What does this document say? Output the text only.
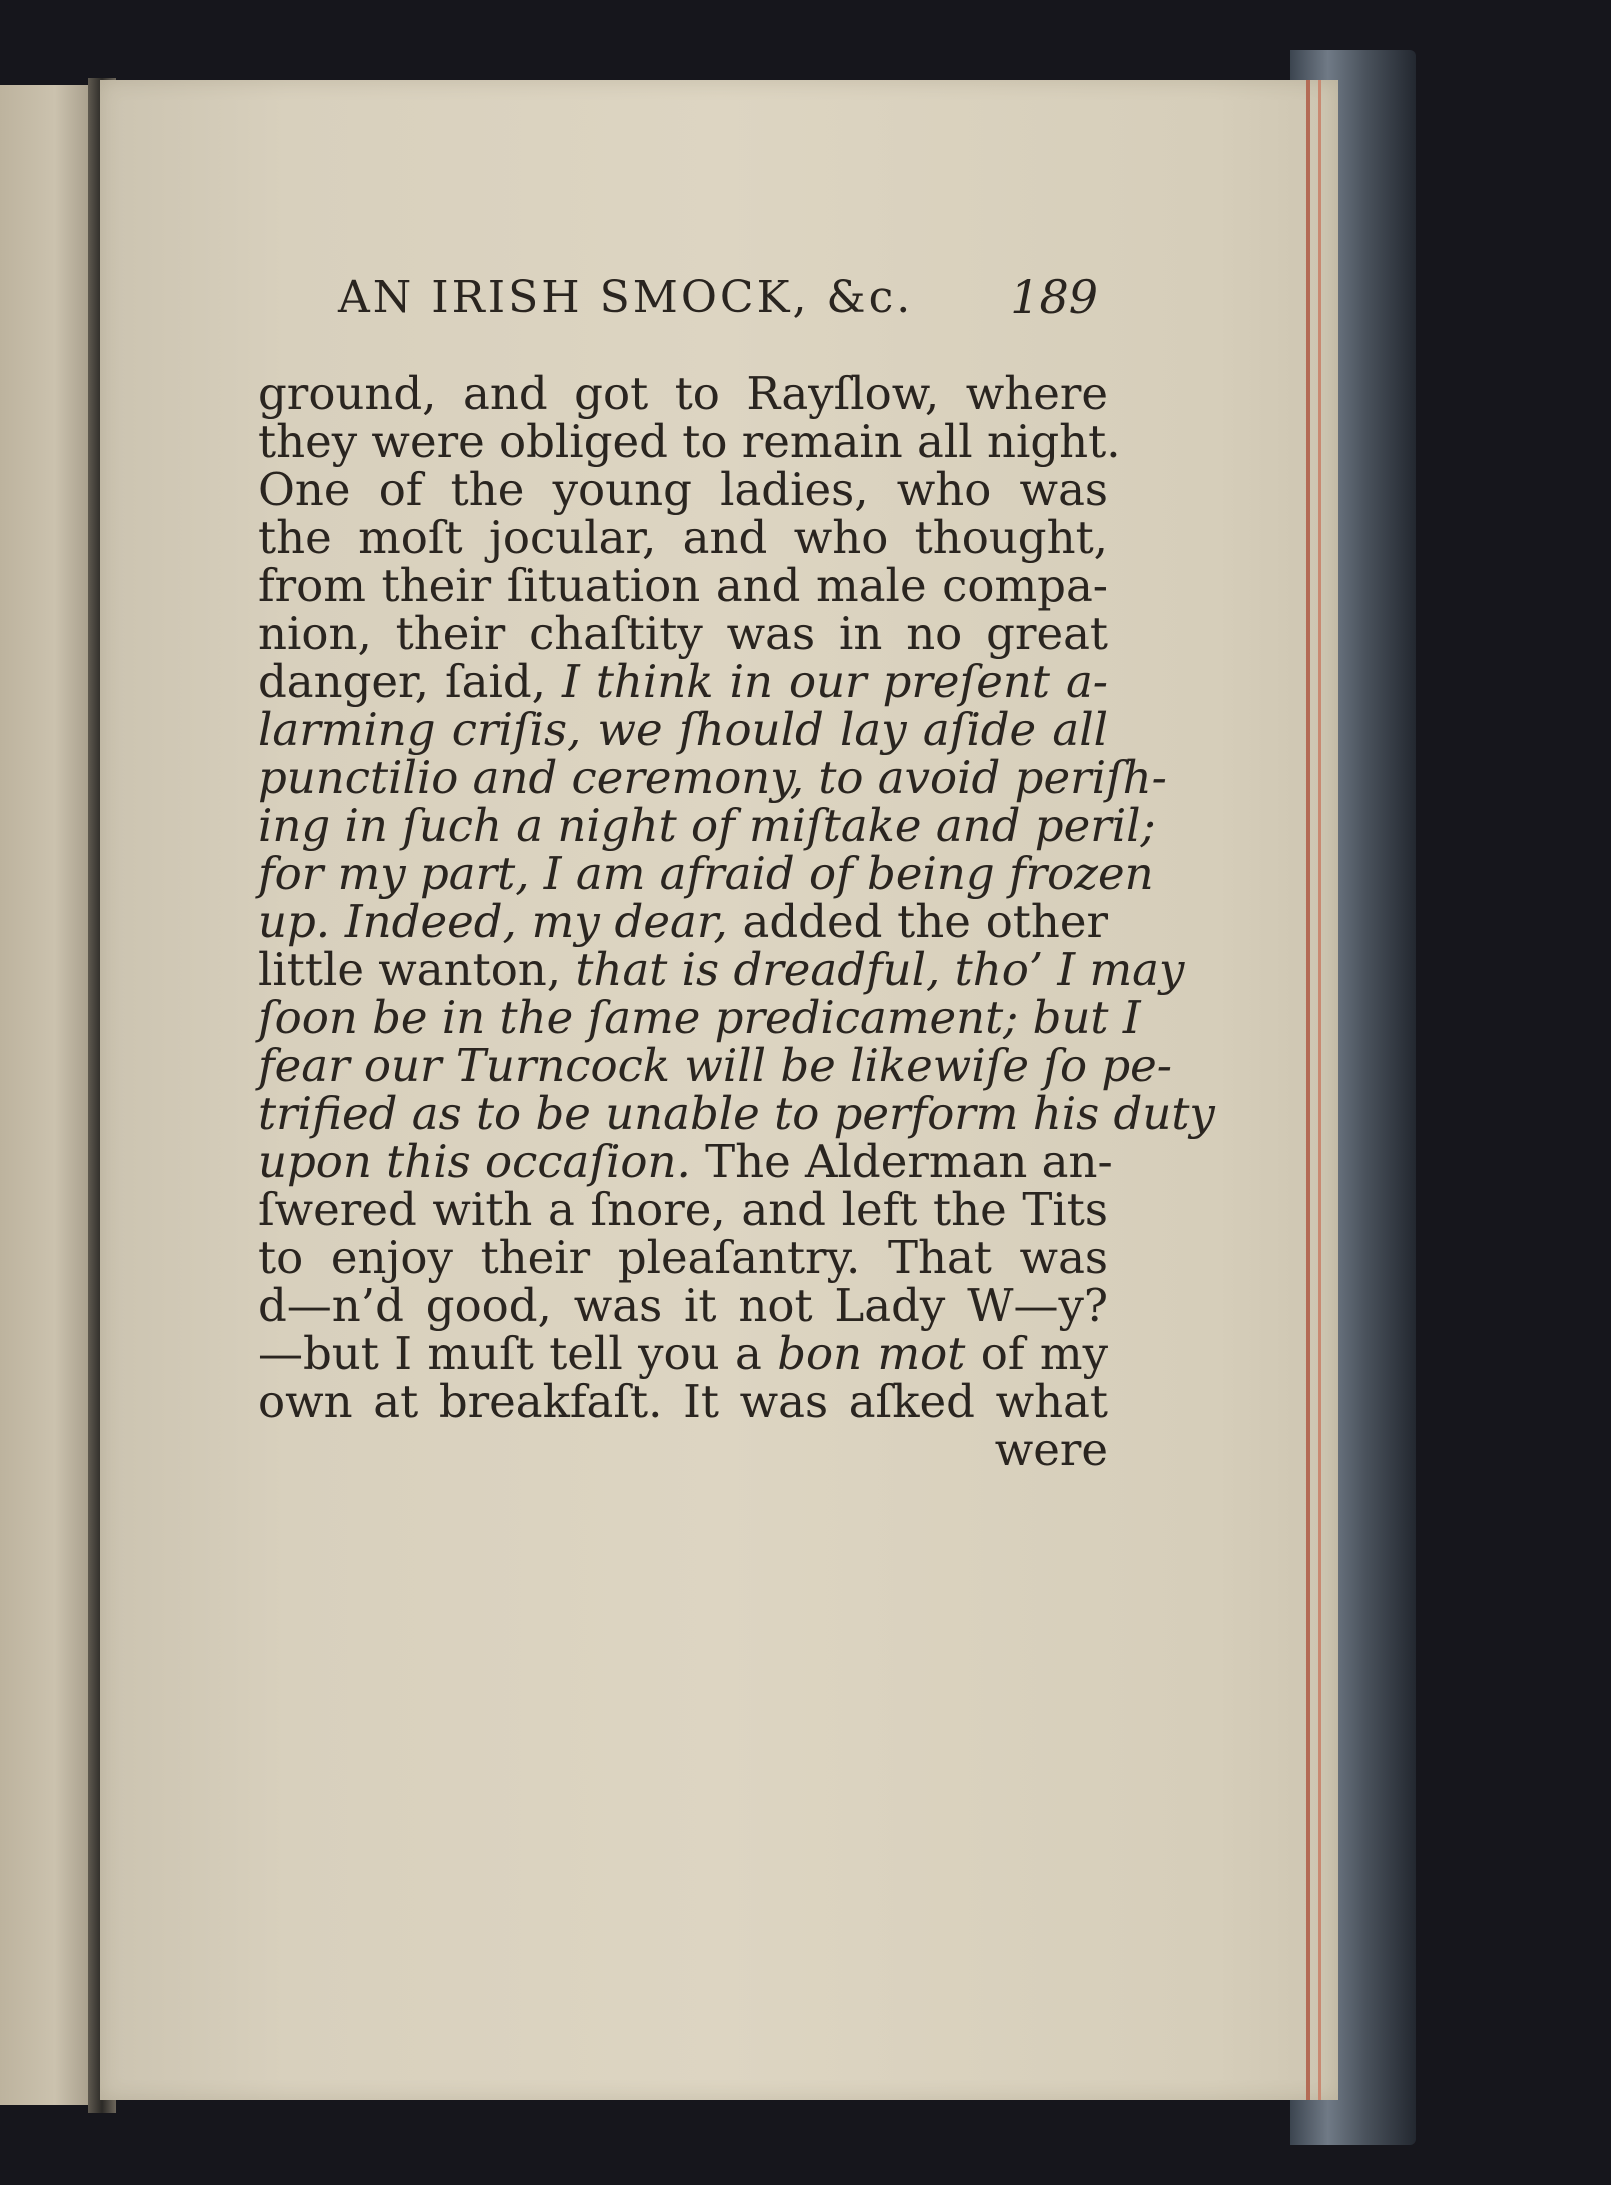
AN IRISH SMOCK, &c. 189
ground, and got to Rayſlow, where
they were obliged to remain all night.
One of the young ladies, who was
the moſt jocular, and who thought,
from their ſituation and male compa-
nion, their chaſtity was in no great
danger, ſaid, I think in our preſent a-
larming criſis, we ſhould lay aſide all
punctilio and ceremony, to avoid periſh-
ing in ſuch a night of miſtake and peril;
for my part, I am afraid of being frozen
up. Indeed, my dear, added the other
little wanton, that is dreadful, tho’ I may
ſoon be in the ſame predicament; but I
fear our Turncock will be likewiſe ſo pe-
trified as to be unable to perform his duty
upon this occaſion. The Alderman an-
ſwered with a ſnore, and left the Tits
to enjoy their pleaſantry. That was
d—n’d good, was it not Lady W—y?
—but I muſt tell you a bon mot of my
own at breakfaſt. It was aſked what
were
